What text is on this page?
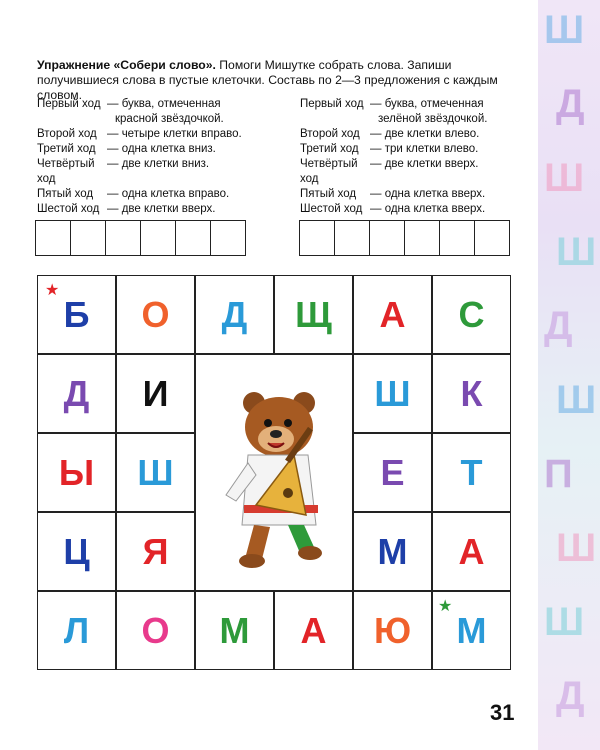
Ш
Д
Ш
Ш
Д
Ш
П
Ш
Ш
Д
Упражнение «Собери слово». Помоги Мишутке собрать слова. Запиши получившиеся слова в пустые клеточки. Составь по 2—3 предложения с каждым словом.
Первый ход — буква, отмеченная
красной звёздочкой.
Второй ход — четыре клетки вправо.
Третий ход — одна клетка вниз.
Четвёртый ход
— две клетки вниз.
Пятый ход	— одна клетка вправо.
Шестой ход — две клетки вверх.
Первый ход — буква, отмеченная
зелёной звёздочкой.
Второй ход — две клетки влево.
Третий ход — три клетки влево.
Четвёртый ход
— две клетки вверх.
Пятый ход	— одна клетка вверх.
Шестой ход — одна клетка вверх.
Б	О	Д	Щ	А	С
Д	И	Ш	К
Ы	Ш	Е	Т
Ц	Я	М	А
Л	О	М	А	Ю	М
★
★
31
